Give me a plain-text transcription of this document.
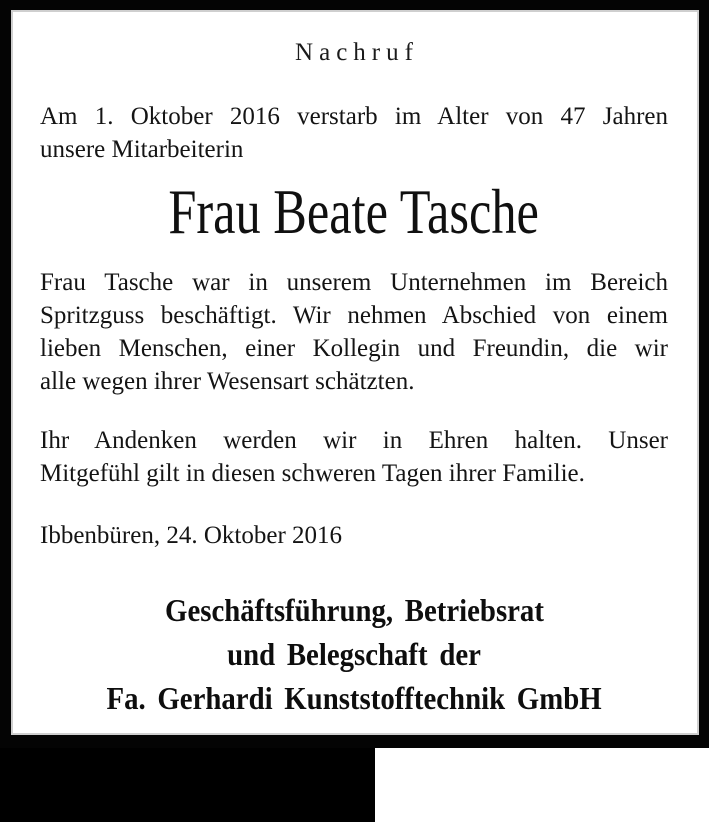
Nachruf
Am 1. Oktober 2016 verstarb im Alter von 47 Jahren
unsere Mitarbeiterin
Frau Beate Tasche
Frau Tasche war in unserem Unternehmen im Bereich
Spritzguss beschäftigt. Wir nehmen Abschied von einem
lieben Menschen, einer Kollegin und Freundin, die wir
alle wegen ihrer Wesensart schätzten.
Ihr Andenken werden wir in Ehren halten. Unser
Mitgefühl gilt in diesen schweren Tagen ihrer Familie.
Ibbenbüren, 24. Oktober 2016
Geschäftsführung, Betriebsrat
und Belegschaft der
Fa. Gerhardi Kunststofftechnik GmbH
